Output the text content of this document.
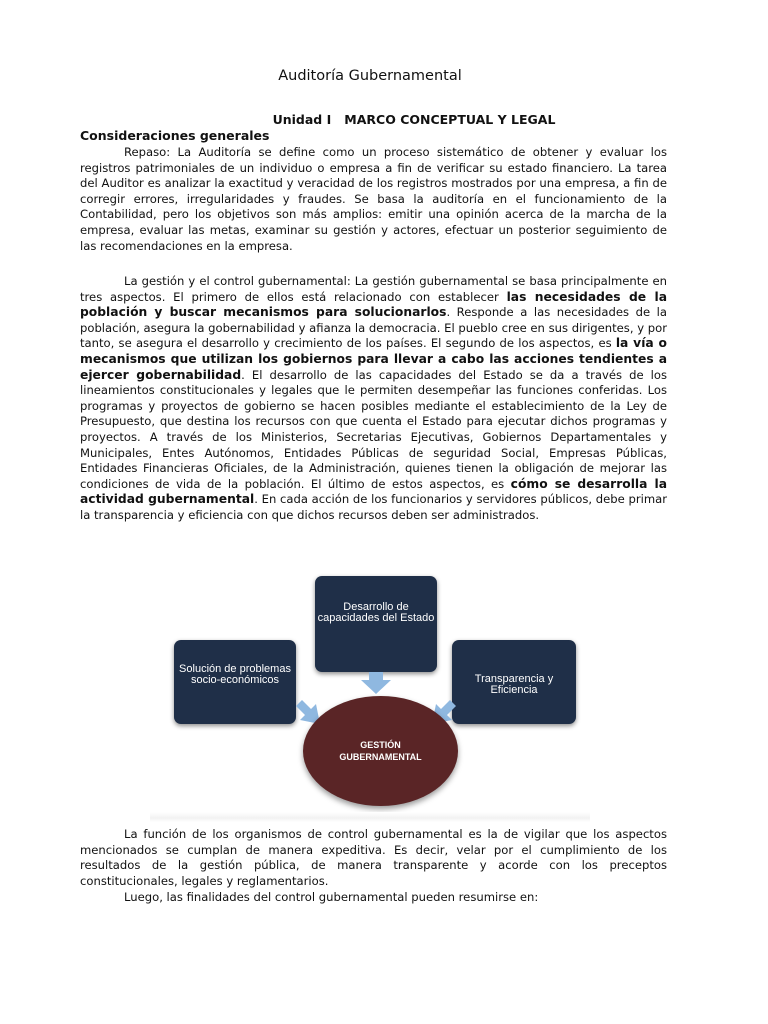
Auditoría Gubernamental
Unidad I   MARCO CONCEPTUAL Y LEGAL
Consideraciones generales

Repaso: La Auditoría se define como un proceso sistemático de obtener y evaluar los registros patrimoniales de un individuo o empresa a fin de verificar su estado financiero. La tarea del Auditor es analizar la exactitud y veracidad de los registros mostrados por una empresa, a fin de corregir errores, irregularidades y fraudes. Se basa la auditoría en el funcionamiento de la Contabilidad, pero los objetivos son más amplios: emitir una opinión acerca de la marcha de la empresa, evaluar las metas, examinar su gestión y actores, efectuar un posterior seguimiento de las recomendaciones en la empresa.

La gestión y el control gubernamental: La gestión gubernamental se basa principalmente en tres aspectos. El primero de ellos está relacionado con establecer las necesidades de la población y buscar mecanismos para solucionarlos. Responde a las necesidades de la población, asegura la gobernabilidad y afianza la democracia. El pueblo cree en sus dirigentes, y por tanto, se asegura el desarrollo y crecimiento de los países. El segundo de los aspectos, es la vía o mecanismos que utilizan los gobiernos para llevar a cabo las acciones tendientes a ejercer gobernabilidad. El desarrollo de las capacidades del Estado se da a través de los lineamientos constitucionales y legales que le permiten desempeñar las funciones conferidas. Los programas y proyectos de gobierno se hacen posibles mediante el establecimiento de la Ley de Presupuesto, que destina los recursos con que cuenta el Estado para ejecutar dichos programas y proyectos. A través de los Ministerios, Secretarias Ejecutivas, Gobiernos Departamentales y Municipales, Entes Autónomos, Entidades Públicas de seguridad Social, Empresas Públicas, Entidades Financieras Oficiales, de la Administración, quienes tienen la obligación de mejorar las condiciones de vida de la población. El último de estos aspectos, es cómo se desarrolla la actividad gubernamental. En cada acción de los funcionarios y servidores públicos, debe primar la transparencia y eficiencia con que dichos recursos deben ser administrados.

Desarrollo de capacidades del Estado
Solución de problemas socio-económicos	Transparencia y Eficiencia
GESTIÓN GUBERNAMENTAL

La función de los organismos de control gubernamental es la de vigilar que los aspectos mencionados se cumplan de manera expeditiva. Es decir, velar por el cumplimiento de los resultados de la gestión pública, de manera transparente y acorde con los preceptos constitucionales, legales y reglamentarios.

Luego, las finalidades del control gubernamental pueden resumirse en:
